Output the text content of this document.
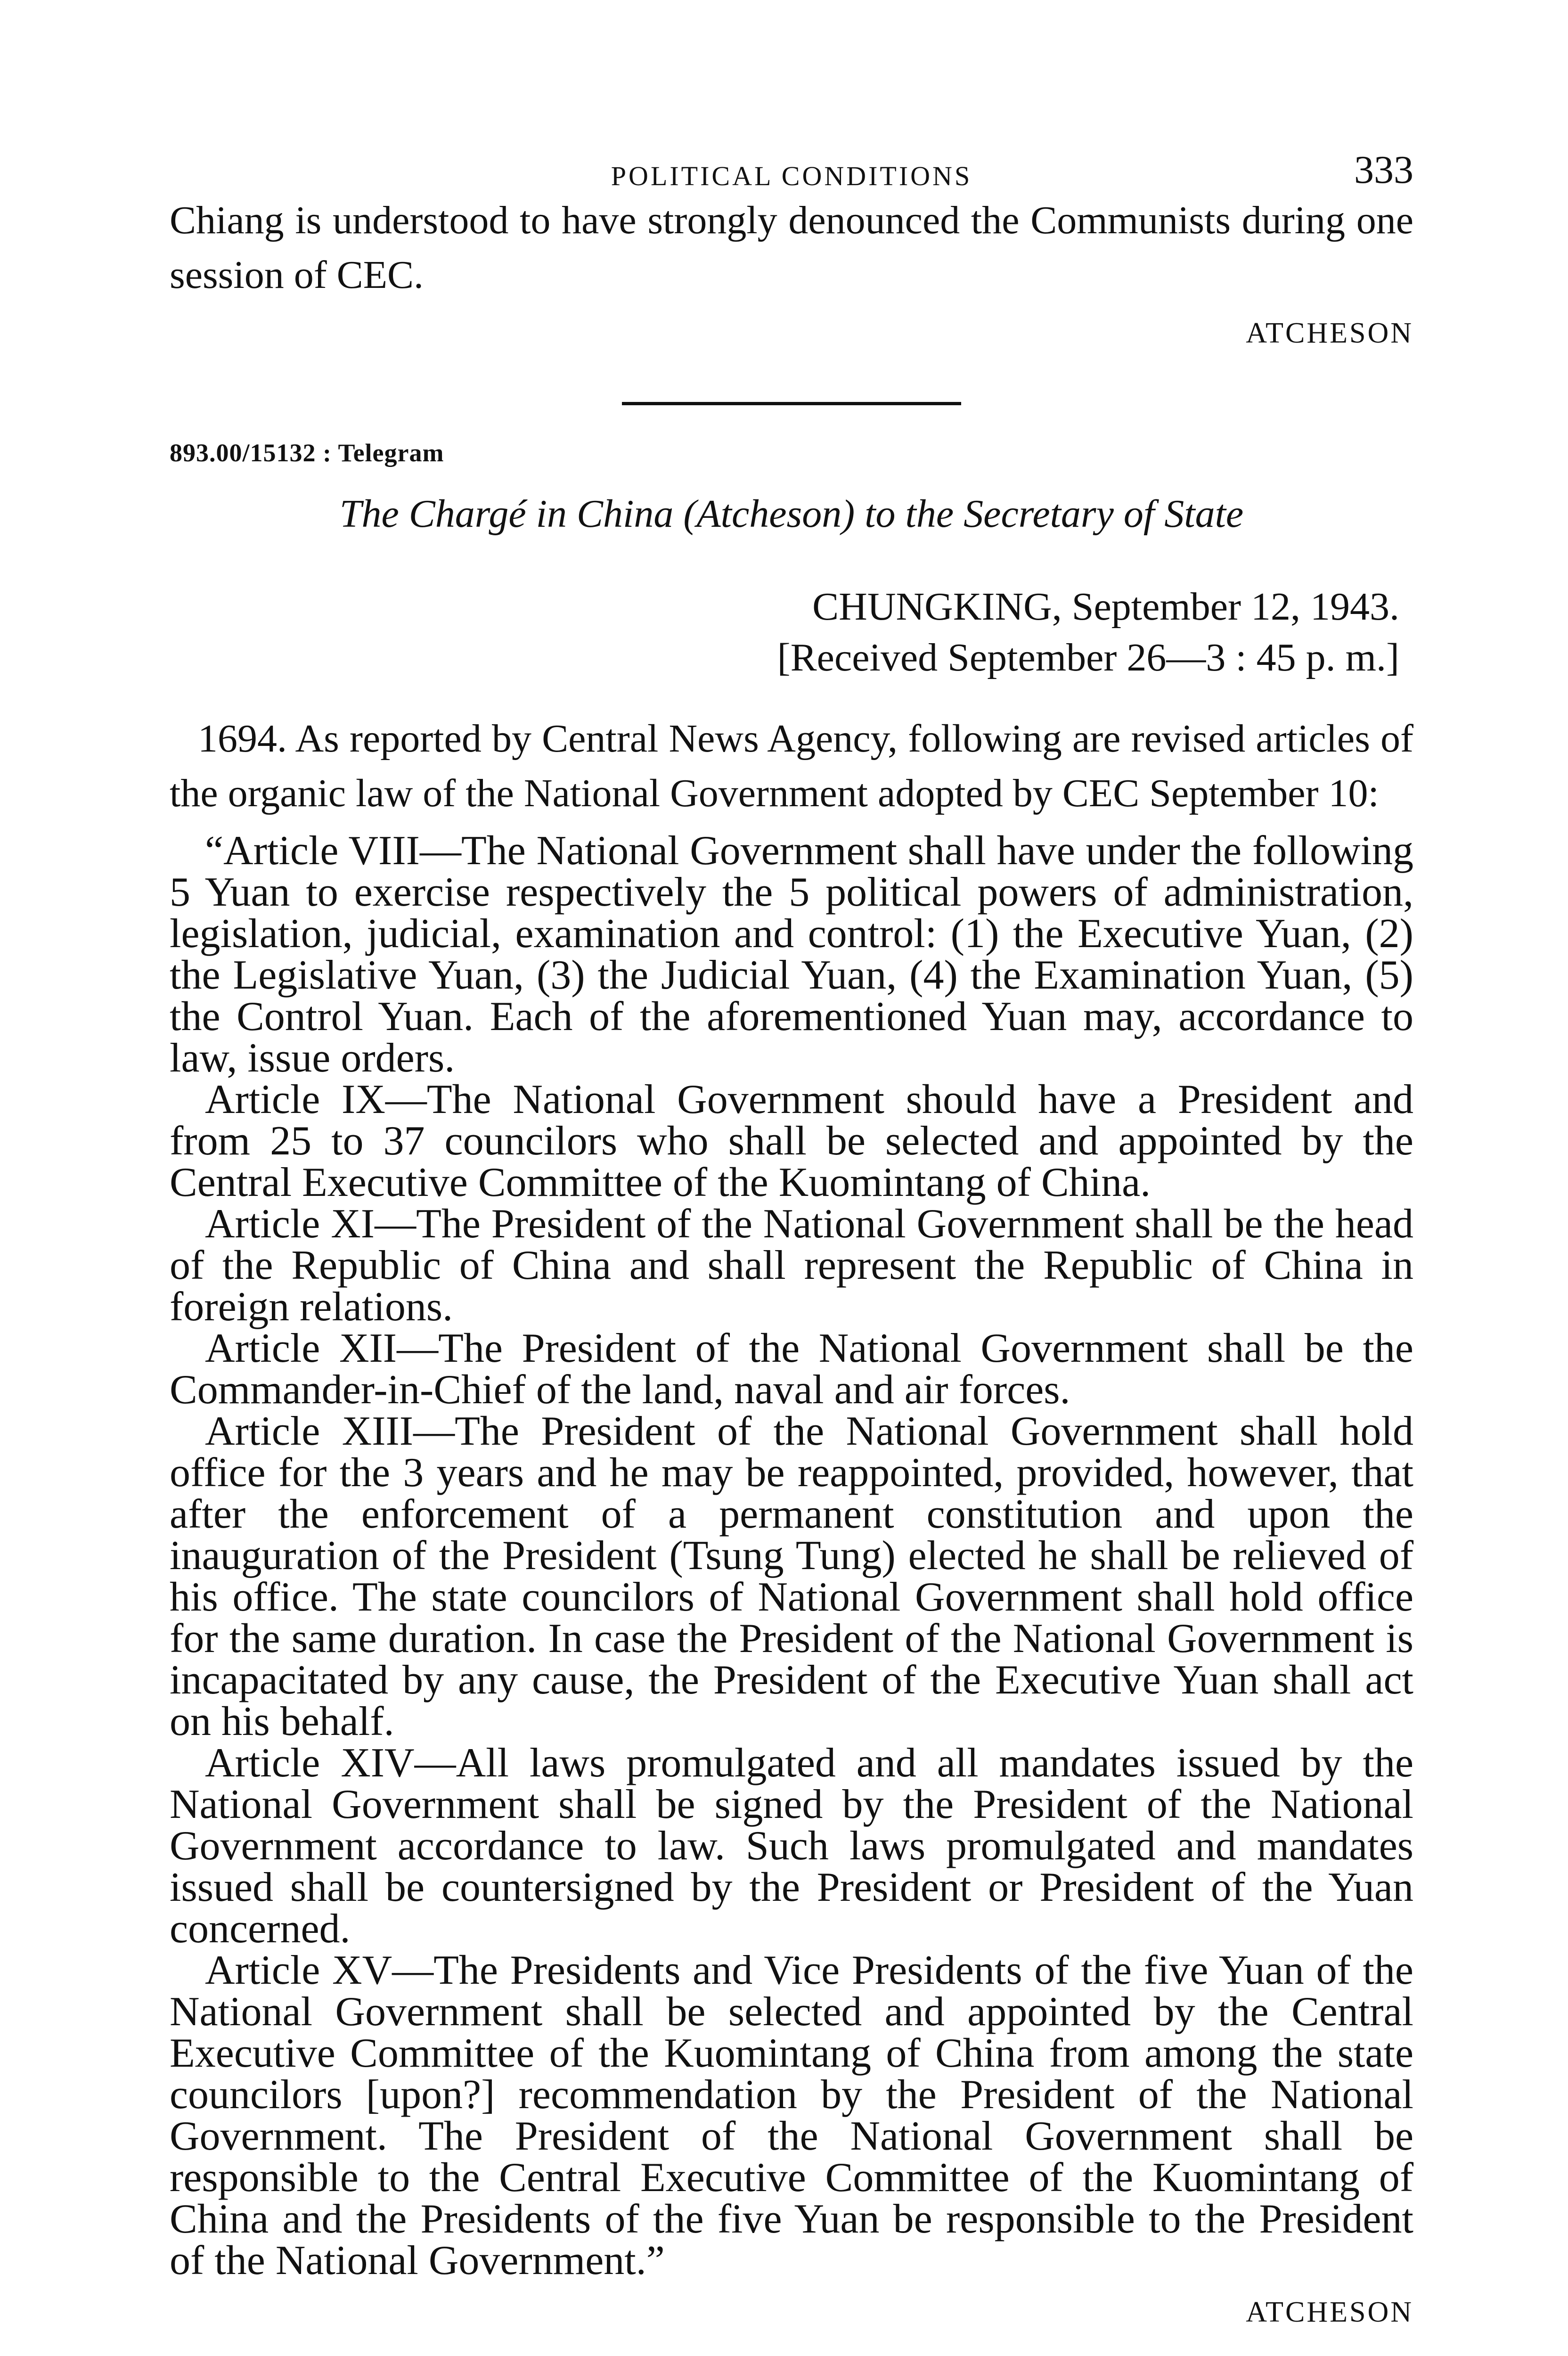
POLITICAL CONDITIONS	333

Chiang is understood to have strongly denounced the Communists during one session of CEC.

ATCHESON
893.00/15132 : Telegram
The Chargé in China (Atcheson) to the Secretary of State
CHUNGKING, September 12, 1943.
[Received September 26—3 : 45 p. m.]

1694. As reported by Central News Agency, following are revised articles of the organic law of the National Government adopted by CEC September 10:

“Article VIII—The National Government shall have under the following 5 Yuan to exercise respectively the 5 political powers of administration, legislation, judicial, examination and control: (1) the Executive Yuan, (2) the Legislative Yuan, (3) the Judicial Yuan, (4) the Examination Yuan, (5) the Control Yuan. Each of the aforementioned Yuan may, accordance to law, issue orders.

Article IX—The National Government should have a President and from 25 to 37 councilors who shall be selected and appointed by the Central Executive Committee of the Kuomintang of China.

Article XI—The President of the National Government shall be the head of the Republic of China and shall represent the Republic of China in foreign relations.

Article XII—The President of the National Government shall be the Commander-in-Chief of the land, naval and air forces.

Article XIII—The President of the National Government shall hold office for the 3 years and he may be reappointed, provided, however, that after the enforcement of a permanent constitution and upon the inauguration of the President (Tsung Tung) elected he shall be relieved of his office. The state councilors of National Government shall hold office for the same duration. In case the President of the National Government is incapacitated by any cause, the President of the Executive Yuan shall act on his behalf.

Article XIV—All laws promulgated and all mandates issued by the National Government shall be signed by the President of the National Government accordance to law. Such laws promulgated and mandates issued shall be countersigned by the President or President of the Yuan concerned.

Article XV—The Presidents and Vice Presidents of the five Yuan of the National Government shall be selected and appointed by the Central Executive Committee of the Kuomintang of China from among the state councilors [upon?] recommendation by the President of the National Government. The President of the National Government shall be responsible to the Central Executive Committee of the Kuomintang of China and the Presidents of the five Yuan be responsible to the President of the National Government.”

ATCHESON
